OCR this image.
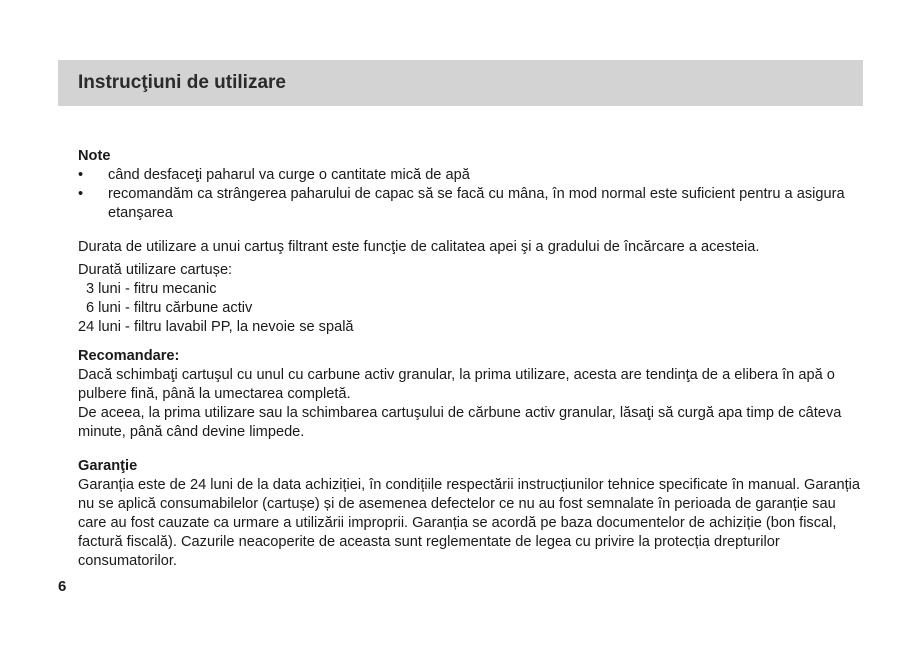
Instrucţiuni de utilizare

Note

• când desfaceţi paharul va curge o cantitate mică de apă
• recomandăm ca strângerea paharului de capac să se facă cu mâna, în mod normal este suficient pentru a asigura etanşarea

Durata de utilizare a unui cartuş filtrant este funcţie de calitatea apei şi a gradului de încărcare a acesteia.

Durată utilizare cartușe:

3 luni - fitru mecanic

6 luni - filtru cărbune activ

24 luni - filtru lavabil PP, la nevoie se spală

Recomandare:

Dacă schimbaţi cartuşul cu unul cu carbune activ granular, la prima utilizare, acesta are tendinţa de a elibera în apă o pulbere fină, până la umectarea completă.

De aceea, la prima utilizare sau la schimbarea cartuşului de cărbune activ granular, lăsaţi să curgă apa timp de câteva minute, până când devine limpede.

Garanţie

Garanția este de 24 luni de la data achiziției, în condițiile respectării instrucțiunilor tehnice specificate în manual. Garanția nu se aplică consumabilelor (cartușe) și de asemenea defectelor ce nu au fost semnalate în perioada de garanție sau care au fost cauzate ca urmare a utilizării improprii. Garanția se acordă pe baza documentelor de achiziție (bon fiscal, factură fiscală). Cazurile neacoperite de aceasta sunt reglementate de legea cu privire la protecția drepturilor consumatorilor.

6
